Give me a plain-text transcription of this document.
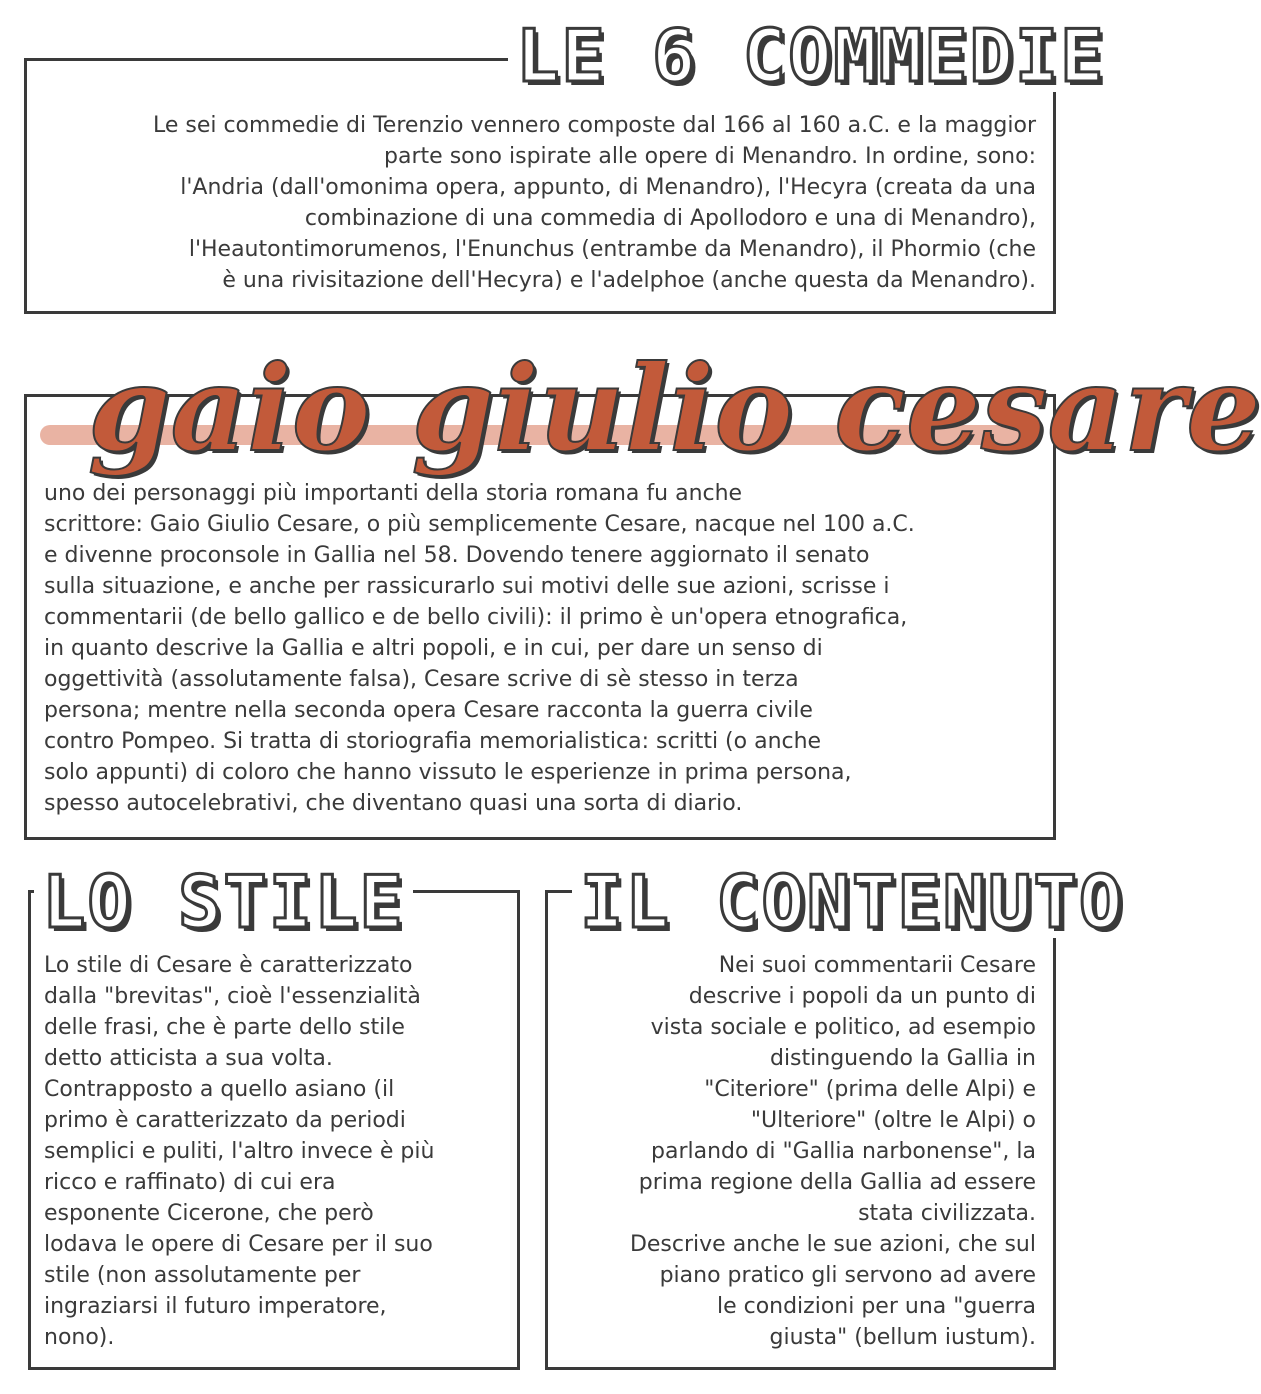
LE 6 COMMEDIE
Le sei commedie di Terenzio vennero composte dal 166 al 160 a.C. e la maggior
parte sono ispirate alle opere di Menandro. In ordine, sono:
l'Andria (dall'omonima opera, appunto, di Menandro), l'Hecyra (creata da una
combinazione di una commedia di Apollodoro e una di Menandro),
l'Heautontimorumenos, l'Enunchus (entrambe da Menandro), il Phormio (che
è una rivisitazione dell'Hecyra) e l'adelphoe (anche questa da Menandro).
gaio giulio cesare
uno dei personaggi più importanti della storia romana fu anche
scrittore: Gaio Giulio Cesare, o più semplicemente Cesare, nacque nel 100 a.C.
e divenne proconsole in Gallia nel 58. Dovendo tenere aggiornato il senato
sulla situazione, e anche per rassicurarlo sui motivi delle sue azioni, scrisse i
commentarii (de bello gallico e de bello civili): il primo è un'opera etnografica,
in quanto descrive la Gallia e altri popoli, e in cui, per dare un senso di
oggettività (assolutamente falsa), Cesare scrive di sè stesso in terza
persona; mentre nella seconda opera Cesare racconta la guerra civile
contro Pompeo. Si tratta di storiografia memorialistica: scritti (o anche
solo appunti) di coloro che hanno vissuto le esperienze in prima persona,
spesso autocelebrativi, che diventano quasi una sorta di diario.
LO STILE
Lo stile di Cesare è caratterizzato
dalla "brevitas", cioè l'essenzialità
delle frasi, che è parte dello stile
detto atticista a sua volta.
Contrapposto a quello asiano (il
primo è caratterizzato da periodi
semplici e puliti, l'altro invece è più
ricco e raffinato) di cui era
esponente Cicerone, che però
lodava le opere di Cesare per il suo
stile (non assolutamente per
ingraziarsi il futuro imperatore,
nono).
IL CONTENUTO
Nei suoi commentarii Cesare
descrive i popoli da un punto di
vista sociale e politico, ad esempio
distinguendo la Gallia in
"Citeriore" (prima delle Alpi) e
"Ulteriore" (oltre le Alpi) o
parlando di "Gallia narbonense", la
prima regione della Gallia ad essere
stata civilizzata.
Descrive anche le sue azioni, che sul
piano pratico gli servono ad avere
le condizioni per una "guerra
giusta" (bellum iustum).
